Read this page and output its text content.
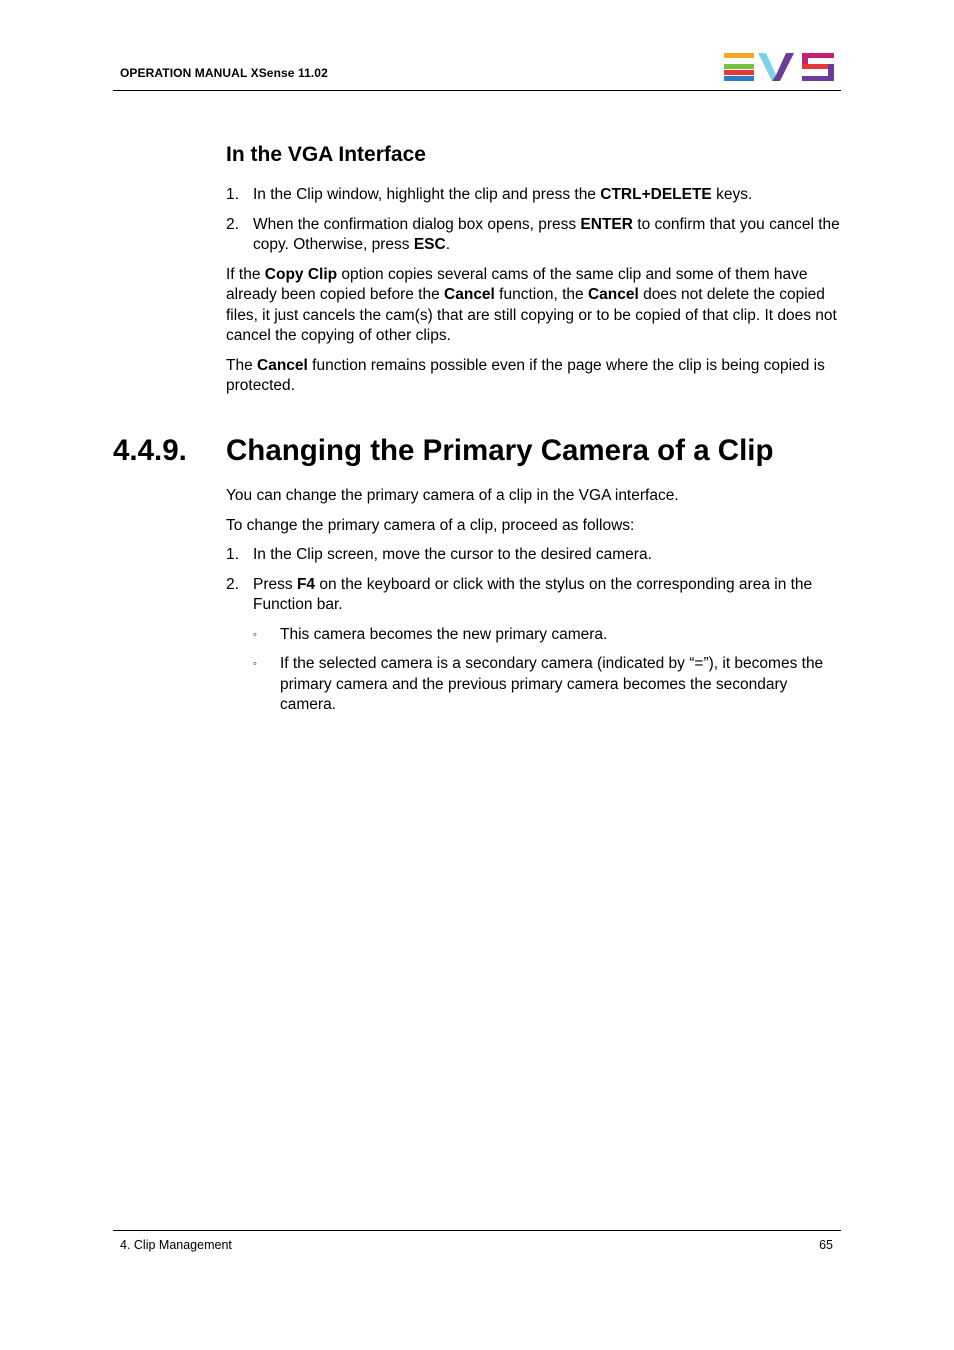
OPERATION MANUAL XSense 11.02
In the VGA Interface
1. In the Clip window, highlight the clip and press the CTRL+DELETE keys.
2. When the confirmation dialog box opens, press ENTER to confirm that you cancel the copy. Otherwise, press ESC.
If the Copy Clip option copies several cams of the same clip and some of them have already been copied before the Cancel function, the Cancel does not delete the copied files, it just cancels the cam(s) that are still copying or to be copied of that clip. It does not cancel the copying of other clips.
The Cancel function remains possible even if the page where the clip is being copied is protected.
4.4.9. Changing the Primary Camera of a Clip
You can change the primary camera of a clip in the VGA interface.
To change the primary camera of a clip, proceed as follows:
1. In the Clip screen, move the cursor to the desired camera.
2. Press F4 on the keyboard or click with the stylus on the corresponding area in the Function bar.
◦	This camera becomes the new primary camera.
◦	If the selected camera is a secondary camera (indicated by “=”), it becomes the primary camera and the previous primary camera becomes the secondary camera.
4. Clip Management	65
